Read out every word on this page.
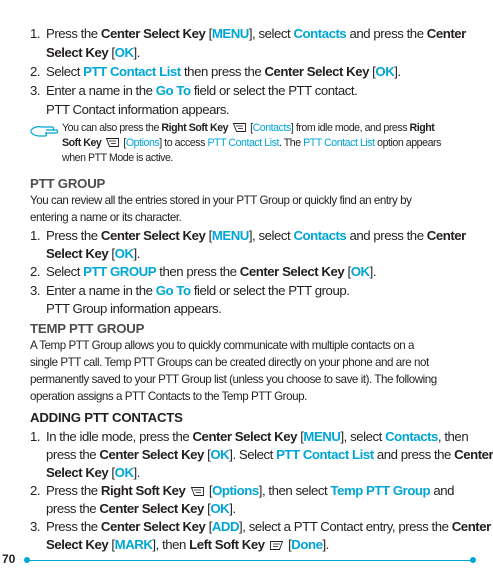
1. Press the Center Select Key [MENU], select Contacts and press the Center
Select Key [OK].
2. Select PTT Contact List then press the Center Select Key [OK].
3. Enter a name in the Go To field or select the PTT contact.
PTT Contact information appears.
You can also press the Right Soft Key  [Contacts] from idle mode, and press Right
Soft Key  [Options] to access PTT Contact List. The PTT Contact List option appears
when PTT Mode is active.
PTT GROUP
You can review all the entries stored in your PTT Group or quickly find an entry by
entering a name or its character.
1. Press the Center Select Key [MENU], select Contacts and press the Center
Select Key [OK].
2. Select PTT GROUP then press the Center Select Key [OK].
3. Enter a name in the Go To field or select the PTT group.
PTT Group information appears.
TEMP PTT GROUP
A Temp PTT Group allows you to quickly communicate with multiple contacts on a
single PTT call. Temp PTT Groups can be created directly on your phone and are not
permanently saved to your PTT Group list (unless you choose to save it). The following
operation assigns a PTT Contacts to the Temp PTT Group.
ADDING PTT CONTACTS
1. In the idle mode, press the Center Select Key [MENU], select Contacts, then
press the Center Select Key [OK]. Select PTT Contact List and press the Center
Select Key [OK].
2. Press the Right Soft Key  [Options], then select Temp PTT Group and
press the Center Select Key [OK].
3. Press the Center Select Key [ADD], select a PTT Contact entry, press the Center
Select Key [MARK], then Left Soft Key  [Done].
70
